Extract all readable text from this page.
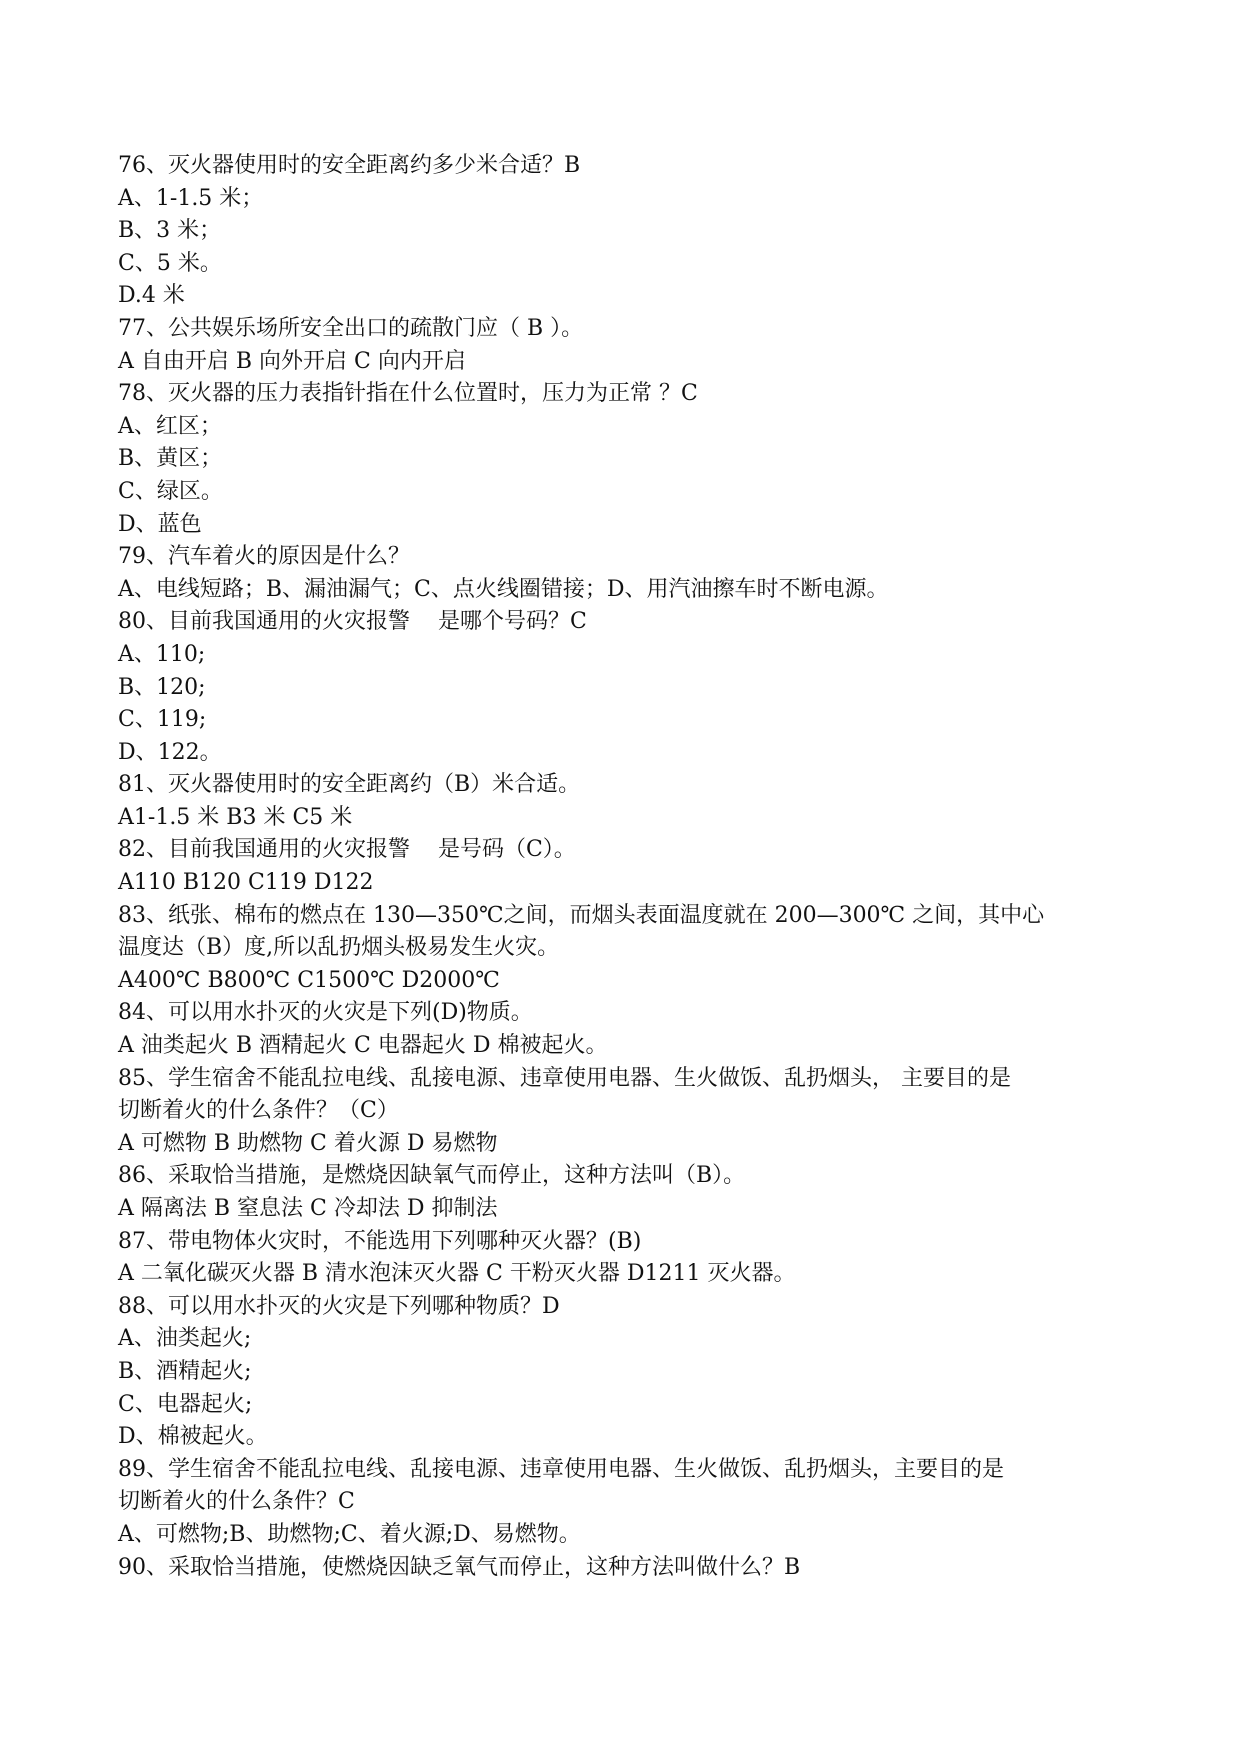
76、灭火器使用时的安全距离约多少米合适？B
A、1-1.5 米；
B、3 米；
C、5 米。
D.4 米
77、公共娱乐场所安全出口的疏散门应（ B ）。
A 自由开启 B 向外开启 C 向内开启
78、灭火器的压力表指针指在什么位置时，压力为正常 ？C
A、红区；
B、黄区；
C、绿区。
D、蓝色
79、汽车着火的原因是什么？
A、电线短路；B、漏油漏气；C、点火线圈错接；D、用汽油擦车时不断电源。
80、目前我国通用的火灾报警    是哪个号码？C
A、110;
B、120;
C、119;
D、122。
81、灭火器使用时的安全距离约（B）米合适。
A1-1.5 米 B3 米 C5 米
82、目前我国通用的火灾报警    是号码（C）。
A110 B120 C119 D122
83、纸张、棉布的燃点在 130—350℃之间，而烟头表面温度就在 200—300℃ 之间，其中心
温度达（B）度,所以乱扔烟头极易发生火灾。
A400℃ B800℃ C1500℃ D2000℃
84、可以用水扑灭的火灾是下列(D)物质。
A 油类起火 B 酒精起火 C 电器起火 D 棉被起火。
85、学生宿舍不能乱拉电线、乱接电源、违章使用电器、生火做饭、乱扔烟头， 主要目的是
切断着火的什么条件？（C）
A 可燃物 B 助燃物 C 着火源 D 易燃物
86、采取恰当措施，是燃烧因缺氧气而停止，这种方法叫（B）。
A 隔离法 B 窒息法 C 冷却法 D 抑制法
87、带电物体火灾时，不能选用下列哪种灭火器？(B)
A 二氧化碳灭火器 B 清水泡沫灭火器 C 干粉灭火器 D1211 灭火器。
88、可以用水扑灭的火灾是下列哪种物质？D
A、油类起火;
B、酒精起火;
C、电器起火;
D、棉被起火。
89、学生宿舍不能乱拉电线、乱接电源、违章使用电器、生火做饭、乱扔烟头，主要目的是
切断着火的什么条件？C
A、可燃物;B、助燃物;C、着火源;D、易燃物。
90、采取恰当措施，使燃烧因缺乏氧气而停止，这种方法叫做什么？B
